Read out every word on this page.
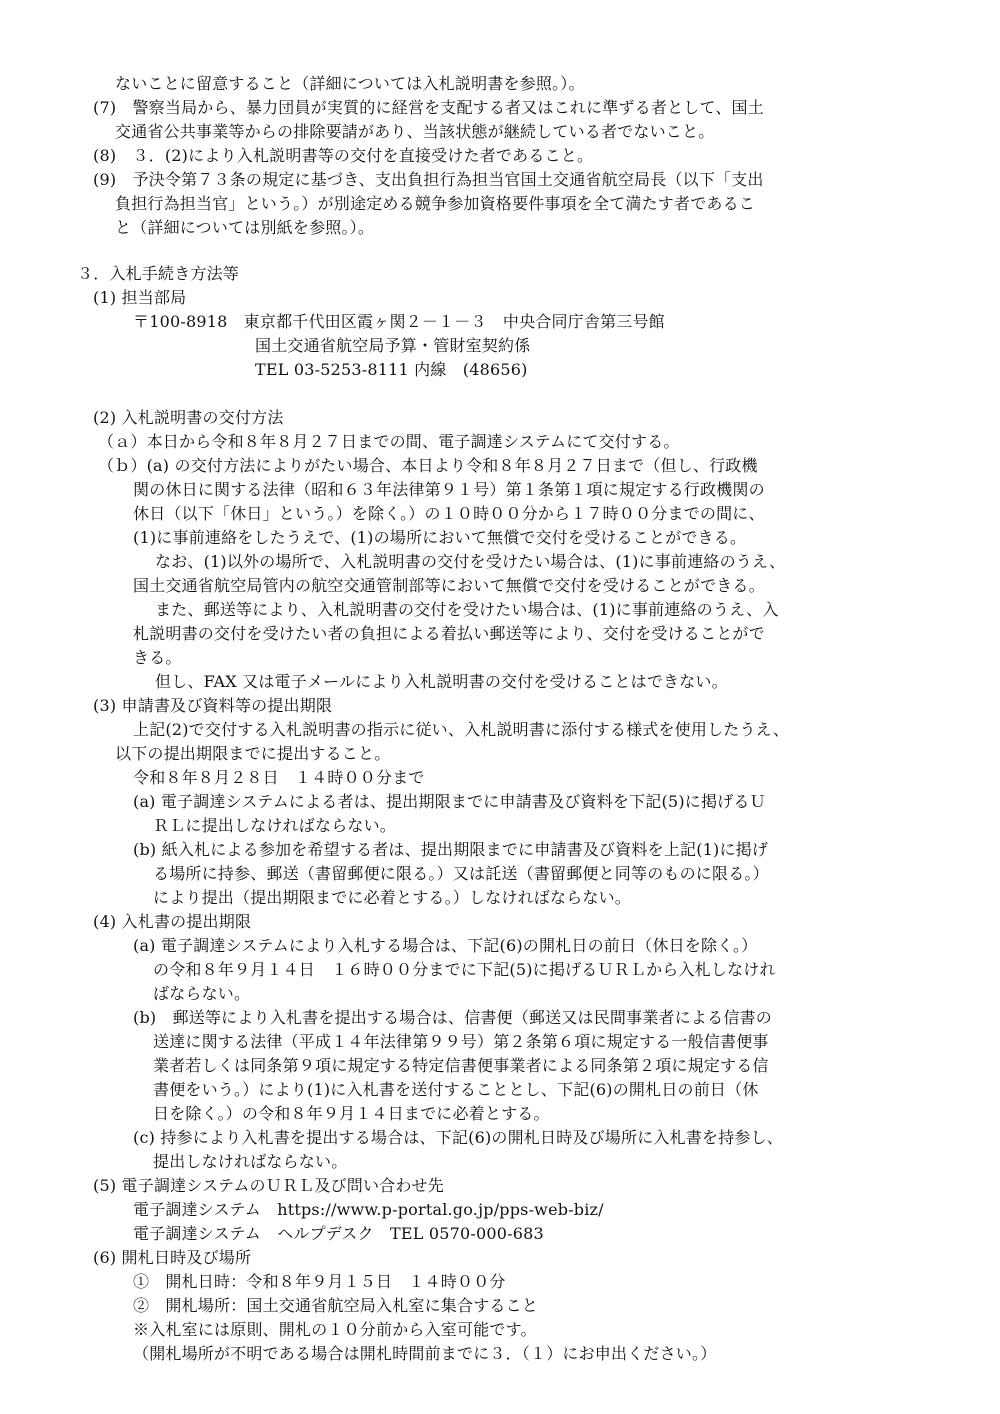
ないことに留意すること（詳細については入札説明書を参照。）。
(7)　警察当局から、暴力団員が実質的に経営を支配する者又はこれに準ずる者として、国土
交通省公共事業等からの排除要請があり、当該状態が継続している者でないこと。
(8)　３．(2)により入札説明書等の交付を直接受けた者であること。
(9)　予決令第７３条の規定に基づき、支出負担行為担当官国土交通省航空局長（以下「支出
負担行為担当官」という。）が別途定める競争参加資格要件事項を全て満たす者であるこ
と（詳細については別紙を参照。）。
３．入札手続き方法等
(1) 担当部局
〒100-8918　東京都千代田区霞ヶ関２－１－３　中央合同庁舎第三号館
国土交通省航空局予算・管財室契約係
TEL 03-5253-8111 内線　(48656)
(2) 入札説明書の交付方法
（ａ）本日から令和８年８月２７日までの間、電子調達システムにて交付する。
（ｂ）(a) の交付方法によりがたい場合、本日より令和８年８月２７日まで（但し、行政機
関の休日に関する法律（昭和６３年法律第９１号）第１条第１項に規定する行政機関の
休日（以下「休日」という。）を除く。）の１０時００分から１７時００分までの間に、
(1)に事前連絡をしたうえで、(1)の場所において無償で交付を受けることができる。
なお、(1)以外の場所で、入札説明書の交付を受けたい場合は、(1)に事前連絡のうえ、
国土交通省航空局管内の航空交通管制部等において無償で交付を受けることができる。
また、郵送等により、入札説明書の交付を受けたい場合は、(1)に事前連絡のうえ、入
札説明書の交付を受けたい者の負担による着払い郵送等により、交付を受けることがで
きる。
但し、FAX 又は電子メールにより入札説明書の交付を受けることはできない。
(3) 申請書及び資料等の提出期限
上記(2)で交付する入札説明書の指示に従い、入札説明書に添付する様式を使用したうえ、
以下の提出期限までに提出すること。
令和８年８月２８日　１４時００分まで
(a) 電子調達システムによる者は、提出期限までに申請書及び資料を下記(5)に掲げるＵ
ＲＬに提出しなければならない。
(b) 紙入札による参加を希望する者は、提出期限までに申請書及び資料を上記(1)に掲げ
る場所に持参、郵送（書留郵便に限る。）又は託送（書留郵便と同等のものに限る。）
により提出（提出期限までに必着とする。）しなければならない。
(4) 入札書の提出期限
(a) 電子調達システムにより入札する場合は、下記(6)の開札日の前日（休日を除く。）
の令和８年９月１４日　１６時００分までに下記(5)に掲げるＵＲＬから入札しなけれ
ばならない。
(b)　郵送等により入札書を提出する場合は、信書便（郵送又は民間事業者による信書の
送達に関する法律（平成１４年法律第９９号）第２条第６項に規定する一般信書便事
業者若しくは同条第９項に規定する特定信書便事業者による同条第２項に規定する信
書便をいう。）により(1)に入札書を送付することとし、下記(6)の開札日の前日（休
日を除く。）の令和８年９月１４日までに必着とする。
(c) 持参により入札書を提出する場合は、下記(6)の開札日時及び場所に入札書を持参し、
提出しなければならない。
(5) 電子調達システムのＵＲＬ及び問い合わせ先
電子調達システム　https://www.p-portal.go.jp/pps-web-biz/
電子調達システム　ヘルプデスク　TEL 0570-000-683
(6) 開札日時及び場所
①　開札日時：令和８年９月１５日　１４時００分
②　開札場所：国土交通省航空局入札室に集合すること
※入札室には原則、開札の１０分前から入室可能です。
（開札場所が不明である場合は開札時間前までに３．（１）にお申出ください。）
